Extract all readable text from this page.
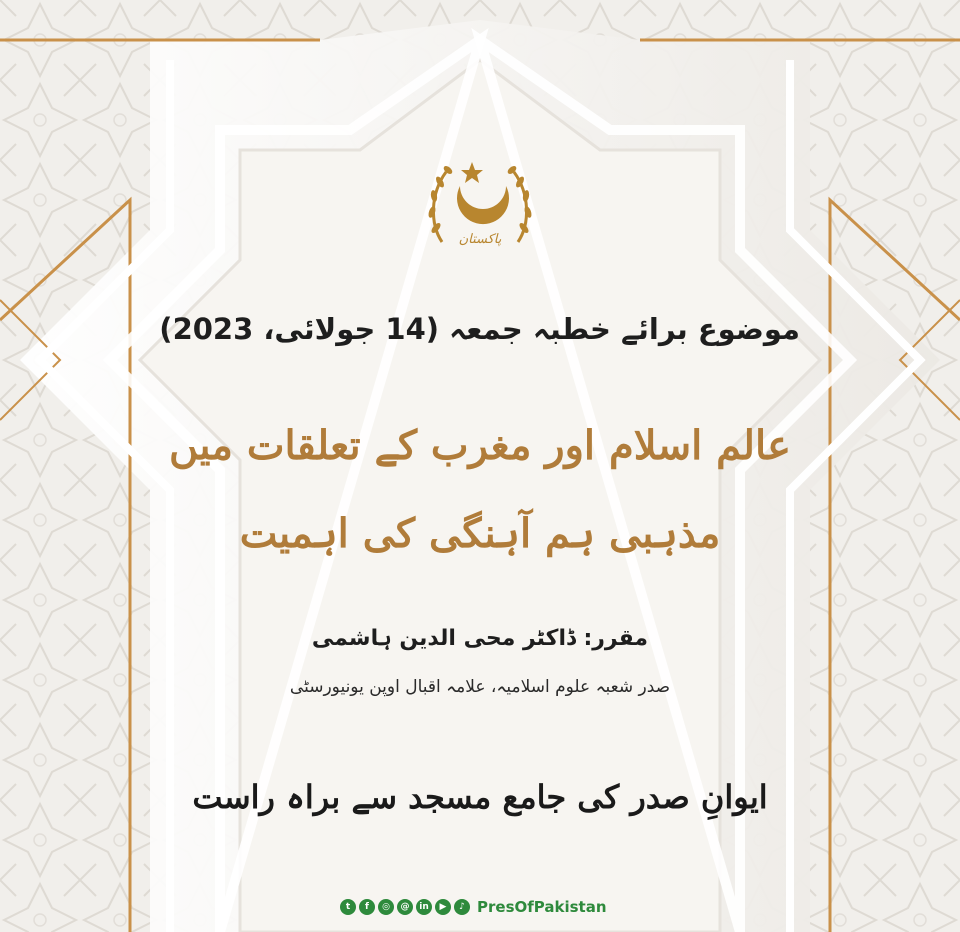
پاکستان
موضوع برائے خطبہ جمعہ (14 جولائی، 2023)
عالم اسلام اور مغرب کے تعلقات میں
مذہبی ہم آہنگی کی اہمیت
مقرر: ڈاکٹر محی الدین ہاشمی
صدر شعبہ علوم اسلامیہ، علامہ اقبال اوپن یونیورسٹی
ایوانِ صدر کی جامع مسجد سے براہ راست
t	f	◎	@	in	▶	♪ PresOfPakistan
